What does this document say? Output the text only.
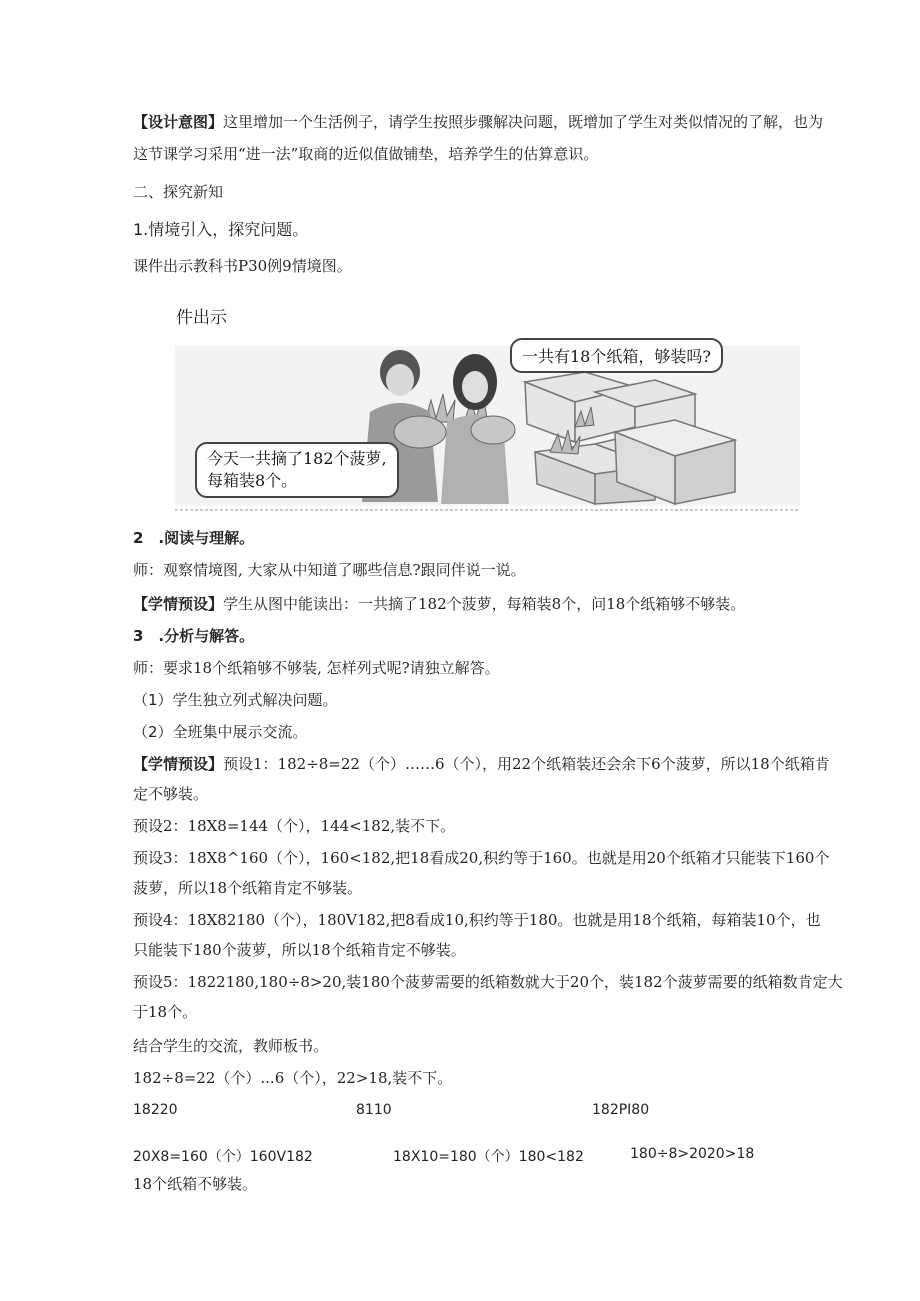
【设计意图】这里增加一个生活例子，请学生按照步骤解决问题，既增加了学生对类似情况的了解，也为
这节课学习采用“进一法”取商的近似值做铺垫，培养学生的估算意识。
二、探究新知
1.情境引入，探究问题。
课件出示教科书P30例9情境图。
件出示
一共有18个纸箱，够装吗?
今天一共摘了182个菠萝,
每箱装8个。
2　.阅读与理解。
师：观察情境图, 大家从中知道了哪些信息?跟同伴说一说。
【学情预设】学生从图中能读出：一共摘了182个菠萝，每箱装8个，问18个纸箱够不够装。
3　.分析与解答。
师：要求18个纸箱够不够装, 怎样列式呢?请独立解答。
（1）学生独立列式解决问题。
（2）全班集中展示交流。
【学情预设】预设1：182÷8=22（个）……6（个），用22个纸箱装还会余下6个菠萝，所以18个纸箱肯
定不够装。
预设2：18X8=144（个），144<182,装不下。
预设3：18X8^160（个），160<182,把18看成20,积约等于160。也就是用20个纸箱才只能装下160个
菠萝，所以18个纸箱肯定不够装。
预设4：18X82180（个），180V182,把8看成10,积约等于180。也就是用18个纸箱，每箱装10个，也
只能装下180个菠萝，所以18个纸箱肯定不够装。
预设5：1822180,180÷8>20,装180个菠萝需要的纸箱数就大于20个，装182个菠萝需要的纸箱数肯定大
于18个。
结合学生的交流，教师板书。
182÷8=22（个）...6（个），22>18,装不下。
18220	8110	182PI80
20X8=160（个）160V182	18X10=180（个）180<182	180÷8>2020>18
18个纸箱不够装。
